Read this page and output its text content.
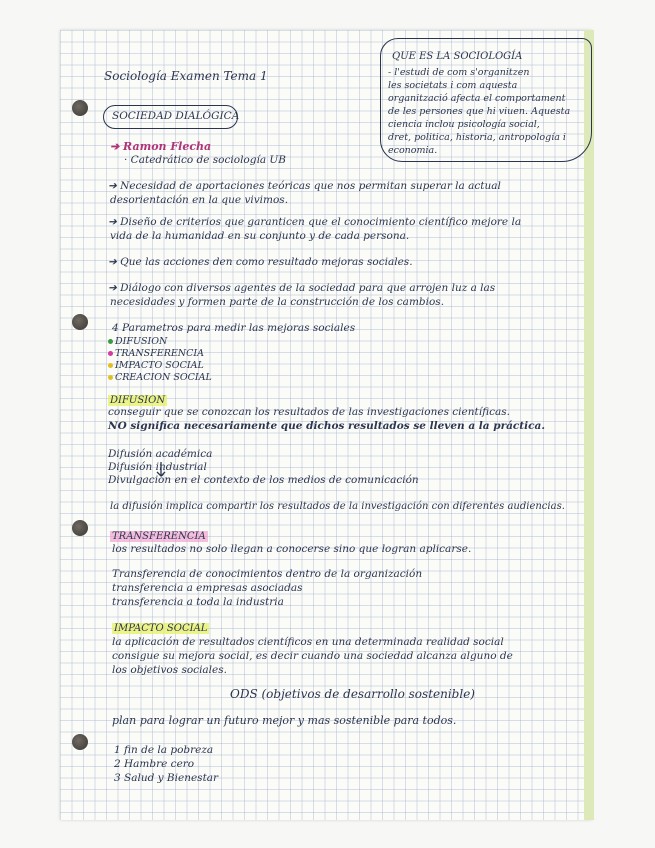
Sociología Examen Tema 1
QUE ES LA SOCIOLOGÍA
- l'estudi de com s'organitzen
les societats i com aquesta
organització afecta el comportament
de les persones que hi viuen. Aquesta
ciencia inclou psicología social,
dret, politica, historia, antropología i
economia.
SOCIEDAD DIALÓGICA
➔ Ramon Flecha
· Catedrático de sociología UB
➔ Necesidad de aportaciones teóricas que nos permitan superar la actual
desorientación en la que vivimos.
➔ Diseño de criterios que garanticen que el conocimiento científico mejore la
vida de la humanidad en su conjunto y de cada persona.
➔ Que las acciones den como resultado mejoras sociales.
➔ Diálogo con diversos agentes de la sociedad para que arrojen luz a las
necesidades y formen parte de la construcción de los cambios.
4 Parametros para medir las mejoras sociales
DIFUSION
TRANSFERENCIA
IMPACTO SOCIAL
CREACION SOCIAL
DIFUSION
conseguir que se conozcan los resultados de las investigaciones científicas.
NO significa necesariamente que dichos resultados se lleven a la práctica.
Difusión académica
Difusión industrial
Divulgación en el contexto de los medios de comunicación
la difusión implica compartir los resultados de la investigación con diferentes audiencias.
TRANSFERENCIA
los resultados no solo llegan a conocerse sino que logran aplicarse.
Transferencia de conocimientos dentro de la organización
transferencia a empresas asociadas
transferencia a toda la industria
IMPACTO SOCIAL
la aplicación de resultados científicos en una determinada realidad social
consigue su mejora social, es decir cuando una sociedad alcanza alguno de
los objetivos sociales.
ODS (objetivos de desarrollo sostenible)
plan para lograr un futuro mejor y mas sostenible para todos.
1 fin de la pobreza
2 Hambre cero
3 Salud y Bienestar
